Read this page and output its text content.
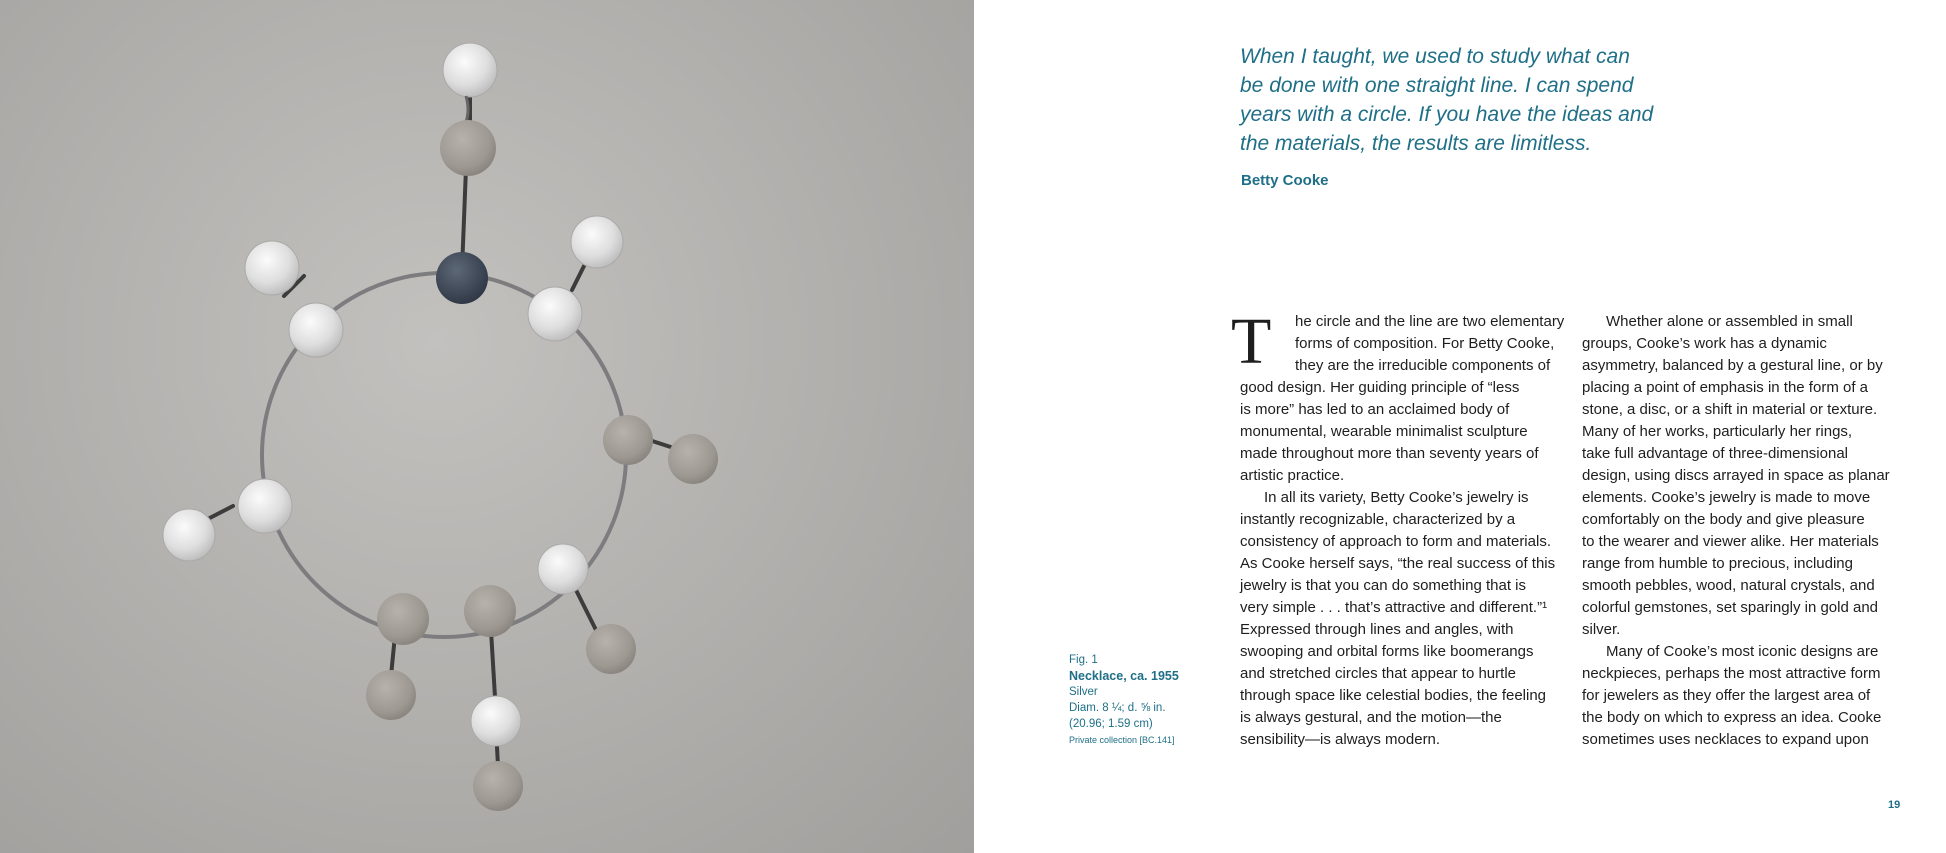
When I taught, we used to study what can
be done with one straight line. I can spend
years with a circle. If you have the ideas and
the materials, the results are limitless.
Betty Cooke
Fig. 1
Necklace, ca. 1955
Silver
Diam. 8 ¼; d. ⅝ in.
(20.96; 1.59 cm)
Private collection [BC.141]
T	he circle and the line are two elementary
forms of composition. For Betty Cooke,
they are the irreducible components of
good design. Her guiding principle of “less
is more” has led to an acclaimed body of
monumental, wearable minimalist sculpture
made throughout more than seventy years of
artistic practice.
In all its variety, Betty Cooke’s jewelry is
instantly recognizable, characterized by a
consistency of approach to form and materials.
As Cooke herself says, “the real success of this
jewelry is that you can do something that is
very simple . . . that’s attractive and different.”¹
Expressed through lines and angles, with
swooping and orbital forms like boomerangs
and stretched circles that appear to hurtle
through space like celestial bodies, the feeling
is always gestural, and the motion—the
sensibility—is always modern.
Whether alone or assembled in small
groups, Cooke’s work has a dynamic
asymmetry, balanced by a gestural line, or by
placing a point of emphasis in the form of a
stone, a disc, or a shift in material or texture.
Many of her works, particularly her rings,
take full advantage of three-dimensional
design, using discs arrayed in space as planar
elements. Cooke’s jewelry is made to move
comfortably on the body and give pleasure
to the wearer and viewer alike. Her materials
range from humble to precious, including
smooth pebbles, wood, natural crystals, and
colorful gemstones, set sparingly in gold and
silver.
Many of Cooke’s most iconic designs are
neckpieces, perhaps the most attractive form
for jewelers as they offer the largest area of
the body on which to express an idea. Cooke
sometimes uses necklaces to expand upon
19
